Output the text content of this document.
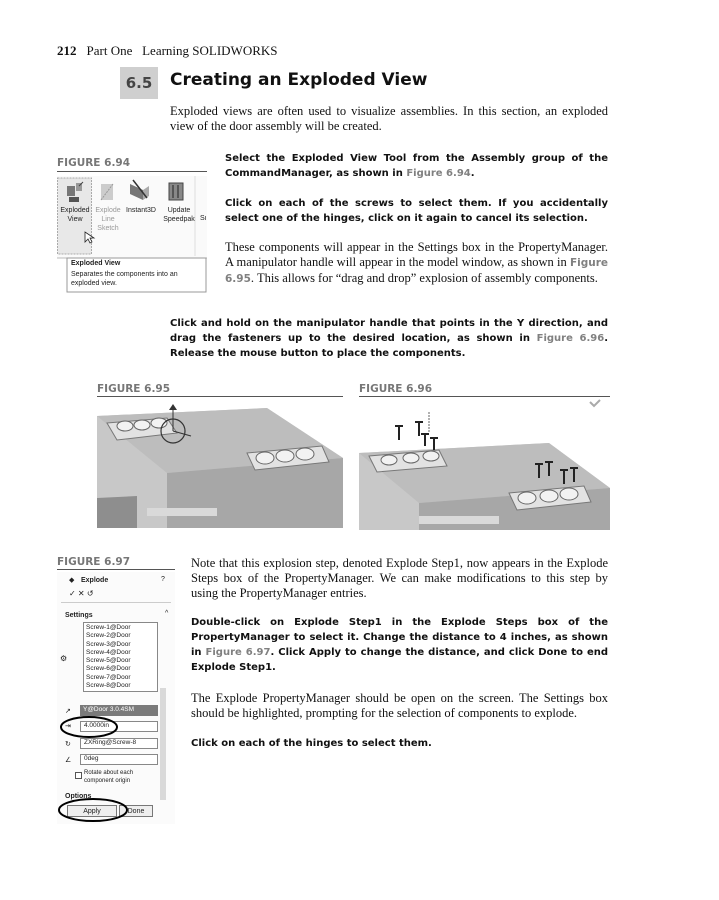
212 Part One Learning SOLIDWORKS
6.5	Creating an Exploded View
Exploded views are often used to visualize assemblies. In this section, an exploded view of the door assembly will be created.
FIGURE 6.94
Exploded
View
Explode
Line
Sketch
Instant3D	Update
Speedpak Sı
Exploded View
Separates the components into an exploded view.
Select the Exploded View Tool from the Assembly group of the CommandManager, as shown in Figure 6.94.
Click on each of the screws to select them. If you accidentally select one of the hinges, click on it again to cancel its selection.
These components will appear in the Settings box in the PropertyManager. A manipulator handle will appear in the model window, as shown in Figure 6.95. This allows for “drag and drop” explosion of assembly components.
Click and hold on the manipulator handle that points in the Y direction, and drag the fasteners up to the desired location, as shown in Figure 6.96. Release the mouse button to place the components.
FIGURE 6.95	FIGURE 6.96
FIGURE 6.97
◆ Explode	?
✓ ✕ ↺
Settings	^
⚙
Screw-1@Door
Screw-2@Door
Screw-3@Door
Screw-4@Door
Screw-5@Door
Screw-6@Door
Screw-7@Door
Screw-8@Door
↗	Y@Door 3.0.4SM
⇥	4.0000in
↻	ZXRing@Screw-8
∠	0deg
Rotate about each component origin
Options
Apply	Done
Note that this explosion step, denoted Explode Step1, now appears in the Explode Steps box of the PropertyManager. We can make modifications to this step by using the PropertyManager entries.
Double-click on Explode Step1 in the Explode Steps box of the PropertyManager to select it. Change the distance to 4 inches, as shown in Figure 6.97. Click Apply to change the distance, and click Done to end Explode Step1.
The Explode PropertyManager should be open on the screen. The Settings box should be highlighted, prompting for the selection of components to explode.
Click on each of the hinges to select them.
